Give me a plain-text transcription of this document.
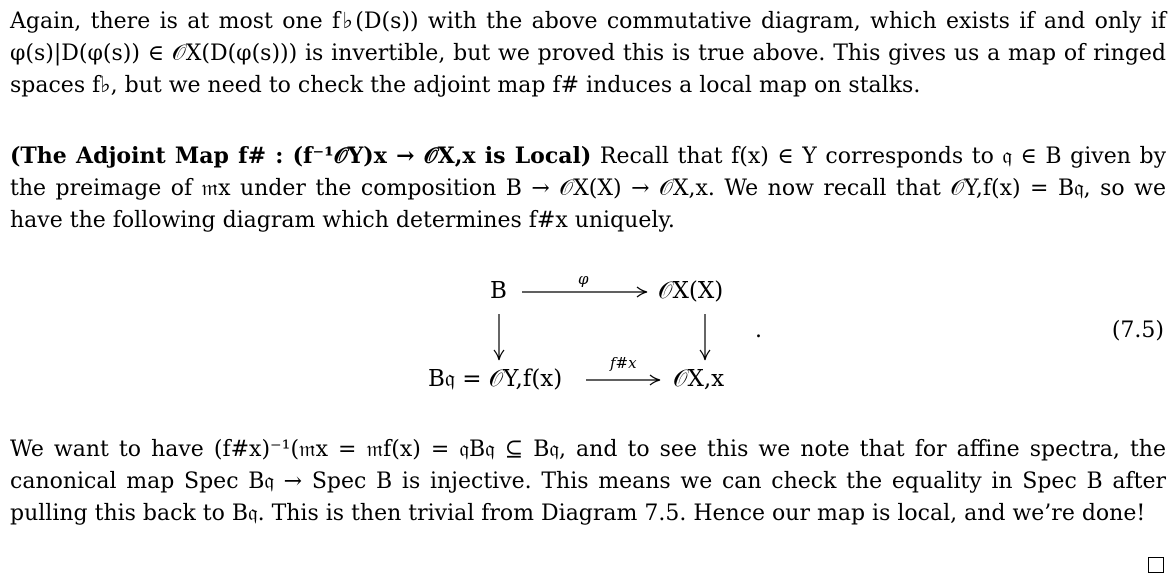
Again, there is at most one f♭(D(s)) with the above commutative diagram, which exists if and only if φ(s)|D(φ(s)) ∈ 𝒪X(D(φ(s))) is invertible, but we proved this is true above. This gives us a map of ringed spaces f♭, but we need to check the adjoint map f# induces a local map on stalks.
(The Adjoint Map f# : (f⁻¹𝒪Y)x → 𝒪X,x is Local) Recall that f(x) ∈ Y corresponds to 𝔮 ∈ B given by the preimage of 𝔪x under the composition B → 𝒪X(X) → 𝒪X,x. We now recall that 𝒪Y,f(x) = B𝔮, so we have the following diagram which determines f#x uniquely.
B	𝒪X(X)
B𝔮 = 𝒪Y,f(x)	𝒪X,x
φ
f#x
.	(7.5)
We want to have (f#x)⁻¹(𝔪x = 𝔪f(x) = 𝔮B𝔮 ⊆ B𝔮, and to see this we note that for affine spectra, the canonical map Spec B𝔮 → Spec B is injective. This means we can check the equality in Spec B after pulling this back to B𝔮. This is then trivial from Diagram 7.5. Hence our map is local, and we’re done!
